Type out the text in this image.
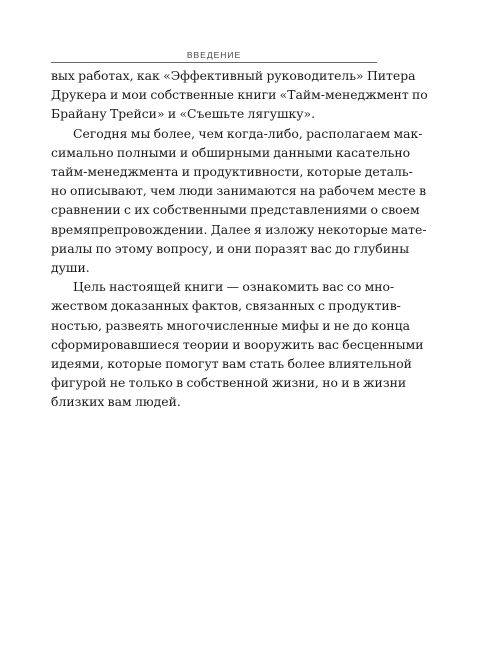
ВВЕДЕНИЕ
вых работах, как «Эффективный руководитель» Питера
Друкера и мои собственные книги «Тайм-менеджмент по
Брайану Трейси» и «Съешьте лягушку».
Сегодня мы более, чем когда-либо, располагаем мак-
симально полными и обширными данными касательно
тайм-менеджмента и продуктивности, которые деталь-
но описывают, чем люди занимаются на рабочем месте в
сравнении с их собственными представлениями о своем
времяпрепровождении. Далее я изложу некоторые мате-
риалы по этому вопросу, и они поразят вас до глубины
души.
Цель настоящей книги — ознакомить вас со мно-
жеством доказанных фактов, связанных с продуктив-
ностью, развеять многочисленные мифы и не до конца
сформировавшиеся теории и вооружить вас бесценными
идеями, которые помогут вам стать более влиятельной
фигурой не только в собственной жизни, но и в жизни
близких вам людей.
